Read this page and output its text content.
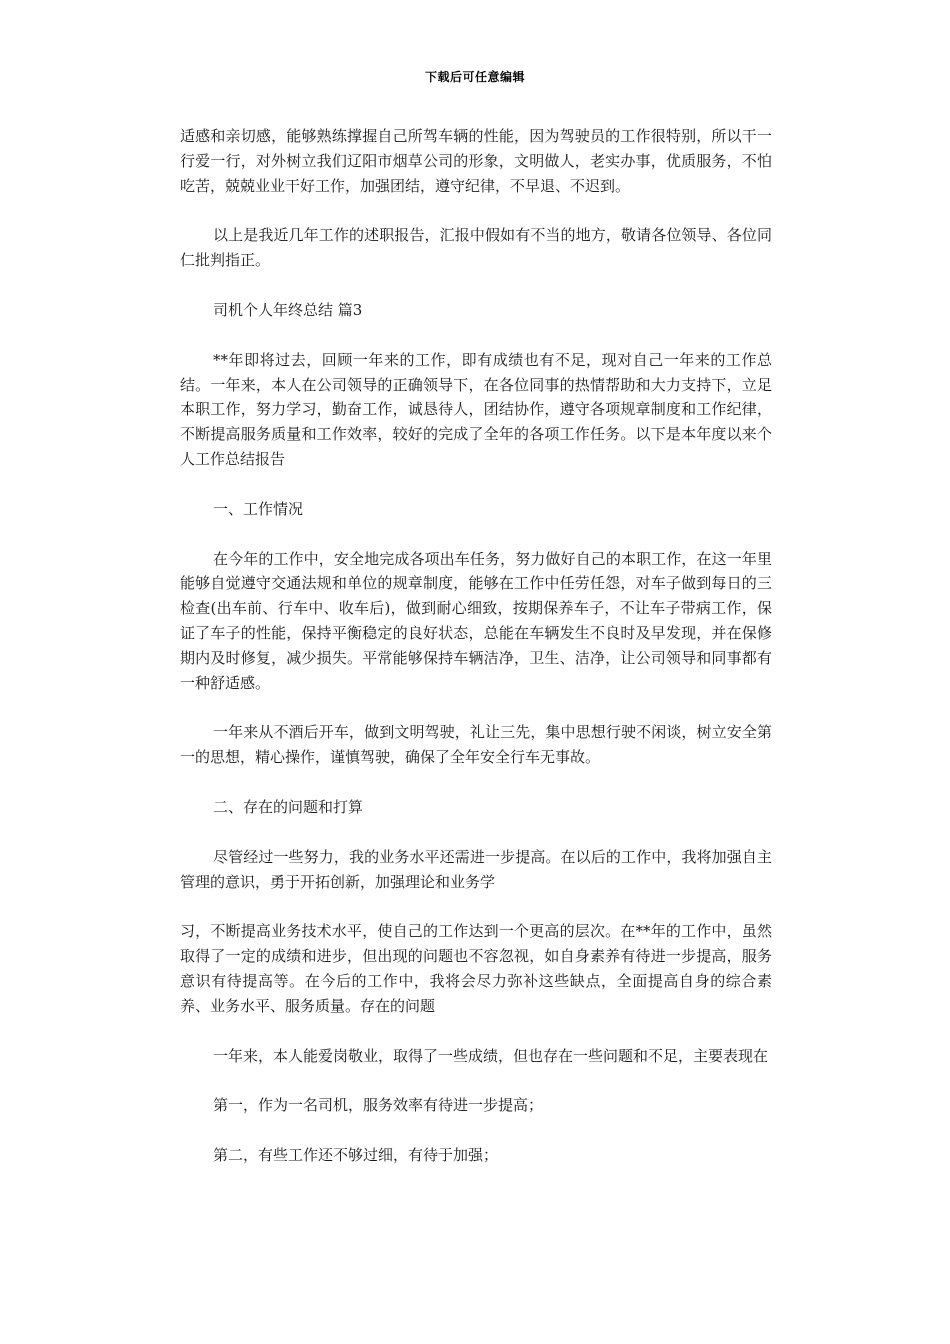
下载后可任意编辑

适感和亲切感，能够熟练撑握自己所驾车辆的性能，因为驾驶员的工作很特别，所以干一行爱一行，对外树立我们辽阳市烟草公司的形象，文明做人，老实办事，优质服务，不怕吃苦，兢兢业业干好工作，加强团结，遵守纪律，不早退、不迟到。

以上是我近几年工作的述职报告，汇报中假如有不当的地方，敬请各位领导、各位同仁批判指正。

司机个人年终总结 篇3

**年即将过去，回顾一年来的工作，即有成绩也有不足，现对自己一年来的工作总结。一年来，本人在公司领导的正确领导下，在各位同事的热情帮助和大力支持下，立足本职工作，努力学习，勤奋工作，诚恳待人，团结协作，遵守各项规章制度和工作纪律，不断提高服务质量和工作效率，较好的完成了全年的各项工作任务。以下是本年度以来个人工作总结报告

一、工作情况

在今年的工作中，安全地完成各项出车任务，努力做好自己的本职工作，在这一年里能够自觉遵守交通法规和单位的规章制度，能够在工作中任劳任怨，对车子做到每日的三检查(出车前、行车中、收车后)，做到耐心细致，按期保养车子，不让车子带病工作，保证了车子的性能，保持平衡稳定的良好状态，总能在车辆发生不良时及早发现，并在保修期内及时修复，减少损失。平常能够保持车辆洁净，卫生、洁净，让公司领导和同事都有一种舒适感。

一年来从不酒后开车，做到文明驾驶，礼让三先，集中思想行驶不闲谈，树立安全第一的思想，精心操作，谨慎驾驶，确保了全年安全行车无事故。

二、存在的问题和打算

尽管经过一些努力，我的业务水平还需进一步提高。在以后的工作中，我将加强自主管理的意识，勇于开拓创新，加强理论和业务学

习，不断提高业务技术水平，使自己的工作达到一个更高的层次。在**年的工作中，虽然取得了一定的成绩和进步，但出现的问题也不容忽视，如自身素养有待进一步提高，服务意识有待提高等。在今后的工作中，我将会尽力弥补这些缺点，全面提高自身的综合素养、业务水平、服务质量。存在的问题

一年来，本人能爱岗敬业，取得了一些成绩，但也存在一些问题和不足，主要表现在

第一，作为一名司机，服务效率有待进一步提高；

第二，有些工作还不够过细，有待于加强；
